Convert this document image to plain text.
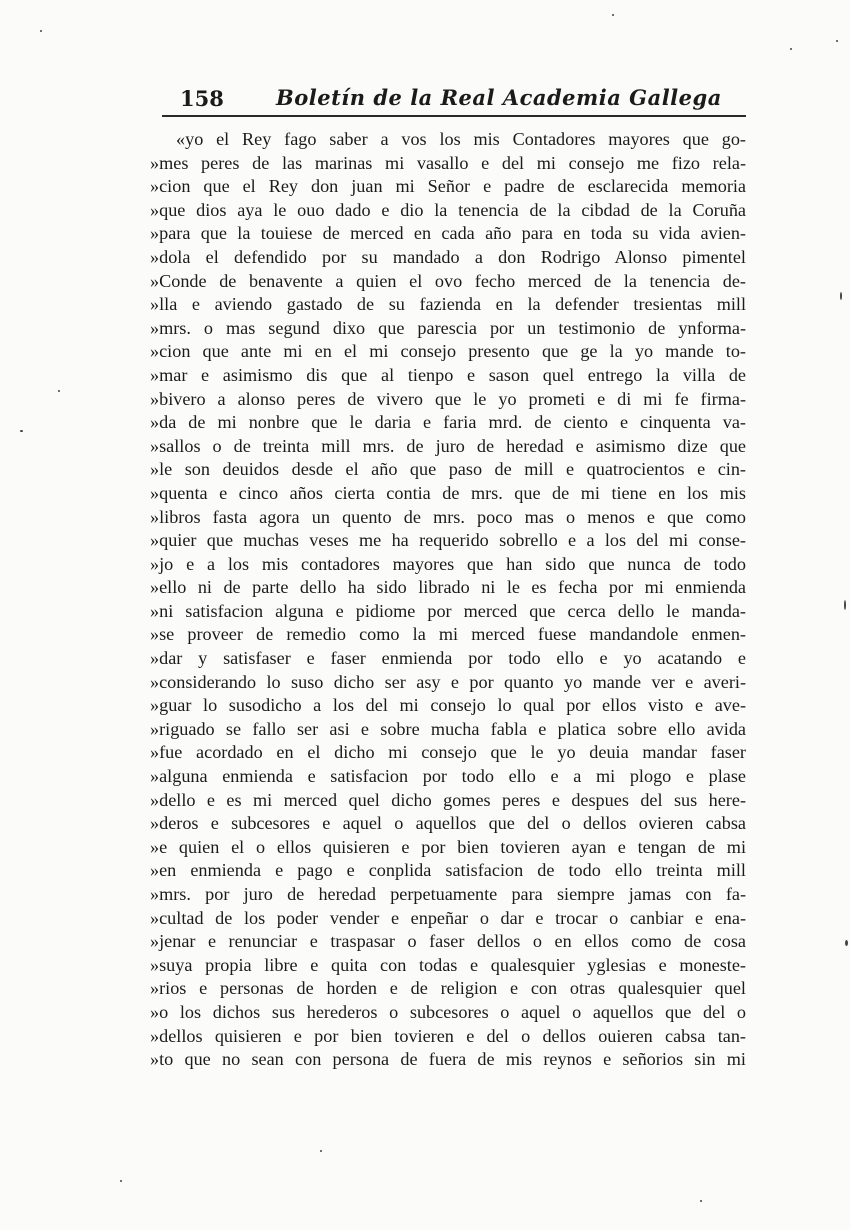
158 Boletín de la Real Academia Gallega
«yo el Rey fago saber a vos los mis Contadores mayores que go-
»mes peres de las marinas mi vasallo e del mi consejo me fizo rela-
»cion que el Rey don juan mi Señor e padre de esclarecida memoria
»que dios aya le ouo dado e dio la tenencia de la cibdad de la Coruña
»para que la touiese de merced en cada año para en toda su vida avien-
»dola el defendido por su mandado a don Rodrigo Alonso pimentel
»Conde de benavente a quien el ovo fecho merced de la tenencia de-
»lla e aviendo gastado de su fazienda en la defender tresientas mill
»mrs. o mas segund dixo que parescia por un testimonio de ynforma-
»cion que ante mi en el mi consejo presento que ge la yo mande to-
»mar e asimismo dis que al tienpo e sason quel entrego la villa de
»bivero a alonso peres de vivero que le yo prometi e di mi fe firma-
»da de mi nonbre que le daria e faria mrd. de ciento e cinquenta va-
»sallos o de treinta mill mrs. de juro de heredad e asimismo dize que
»le son deuidos desde el año que paso de mill e quatrocientos e cin-
»quenta e cinco años cierta contia de mrs. que de mi tiene en los mis
»libros fasta agora un quento de mrs. poco mas o menos e que como
»quier que muchas veses me ha requerido sobrello e a los del mi conse-
»jo e a los mis contadores mayores que han sido que nunca de todo
»ello ni de parte dello ha sido librado ni le es fecha por mi enmienda
»ni satisfacion alguna e pidiome por merced que cerca dello le manda-
»se proveer de remedio como la mi merced fuese mandandole enmen-
»dar y satisfaser e faser enmienda por todo ello e yo acatando e
»considerando lo suso dicho ser asy e por quanto yo mande ver e averi-
»guar lo susodicho a los del mi consejo lo qual por ellos visto e ave-
»riguado se fallo ser asi e sobre mucha fabla e platica sobre ello avida
»fue acordado en el dicho mi consejo que le yo deuia mandar faser
»alguna enmienda e satisfacion por todo ello e a mi plogo e plase
»dello e es mi merced quel dicho gomes peres e despues del sus here-
»deros e subcesores e aquel o aquellos que del o dellos ovieren cabsa
»e quien el o ellos quisieren e por bien tovieren ayan e tengan de mi
»en enmienda e pago e conplida satisfacion de todo ello treinta mill
»mrs. por juro de heredad perpetuamente para siempre jamas con fa-
»cultad de los poder vender e enpeñar o dar e trocar o canbiar e ena-
»jenar e renunciar e traspasar o faser dellos o en ellos como de cosa
»suya propia libre e quita con todas e qualesquier yglesias e moneste-
»rios e personas de horden e de religion e con otras qualesquier quel
»o los dichos sus herederos o subcesores o aquel o aquellos que del o
»dellos quisieren e por bien tovieren e del o dellos ouieren cabsa tan-
»to que no sean con persona de fuera de mis reynos e señorios sin mi
